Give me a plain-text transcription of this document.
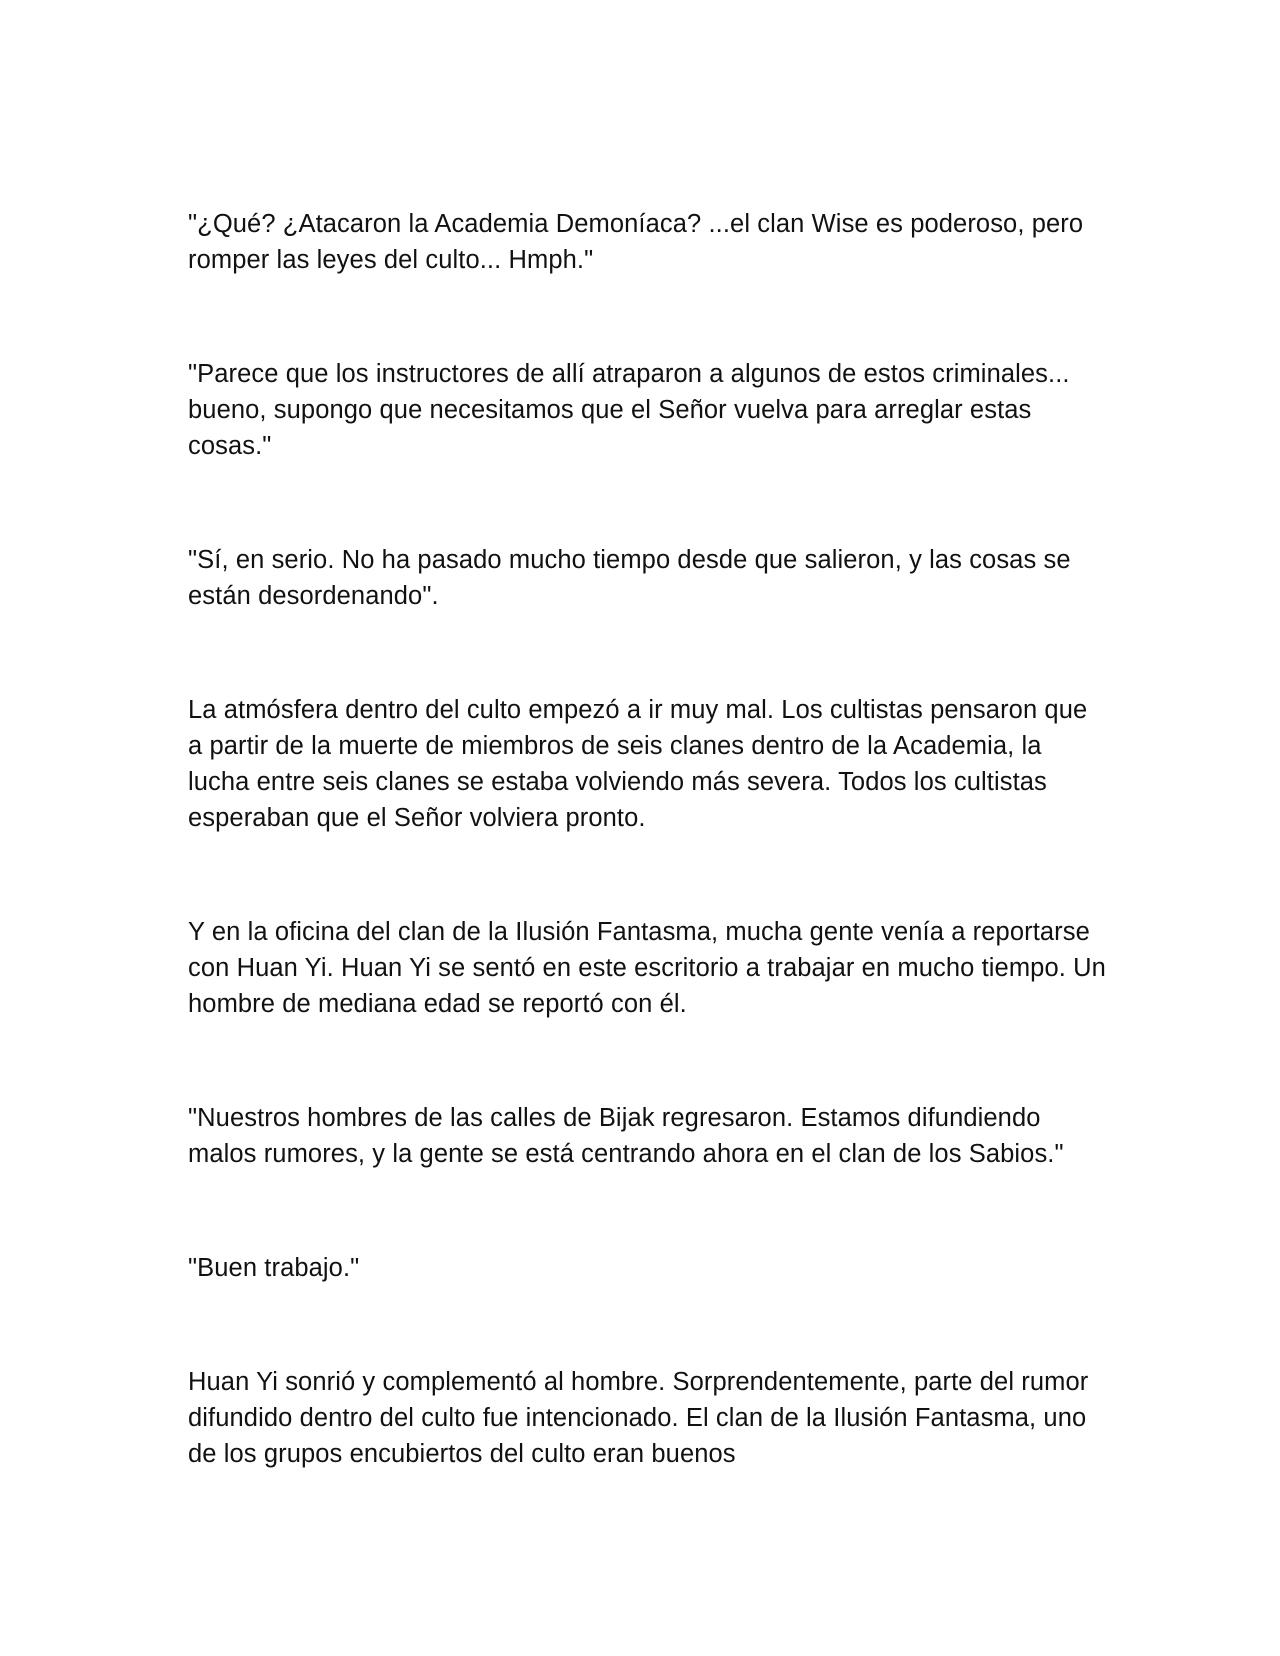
"¿Qué? ¿Atacaron la Academia Demoníaca? ...el clan Wise es poderoso, pero romper las leyes del culto... Hmph."

"Parece que los instructores de allí atraparon a algunos de estos criminales... bueno, supongo que necesitamos que el Señor vuelva para arreglar estas cosas."

"Sí, en serio. No ha pasado mucho tiempo desde que salieron, y las cosas se están desordenando".

La atmósfera dentro del culto empezó a ir muy mal. Los cultistas pensaron que a partir de la muerte de miembros de seis clanes dentro de la Academia, la lucha entre seis clanes se estaba volviendo más severa. Todos los cultistas esperaban que el Señor volviera pronto.

Y en la oficina del clan de la Ilusión Fantasma, mucha gente venía a reportarse con Huan Yi. Huan Yi se sentó en este escritorio a trabajar en mucho tiempo. Un hombre de mediana edad se reportó con él.

"Nuestros hombres de las calles de Bijak regresaron. Estamos difundiendo malos rumores, y la gente se está centrando ahora en el clan de los Sabios."

"Buen trabajo."

Huan Yi sonrió y complementó al hombre. Sorprendentemente, parte del rumor difundido dentro del culto fue intencionado. El clan de la Ilusión Fantasma, uno de los grupos encubiertos del culto eran buenos
